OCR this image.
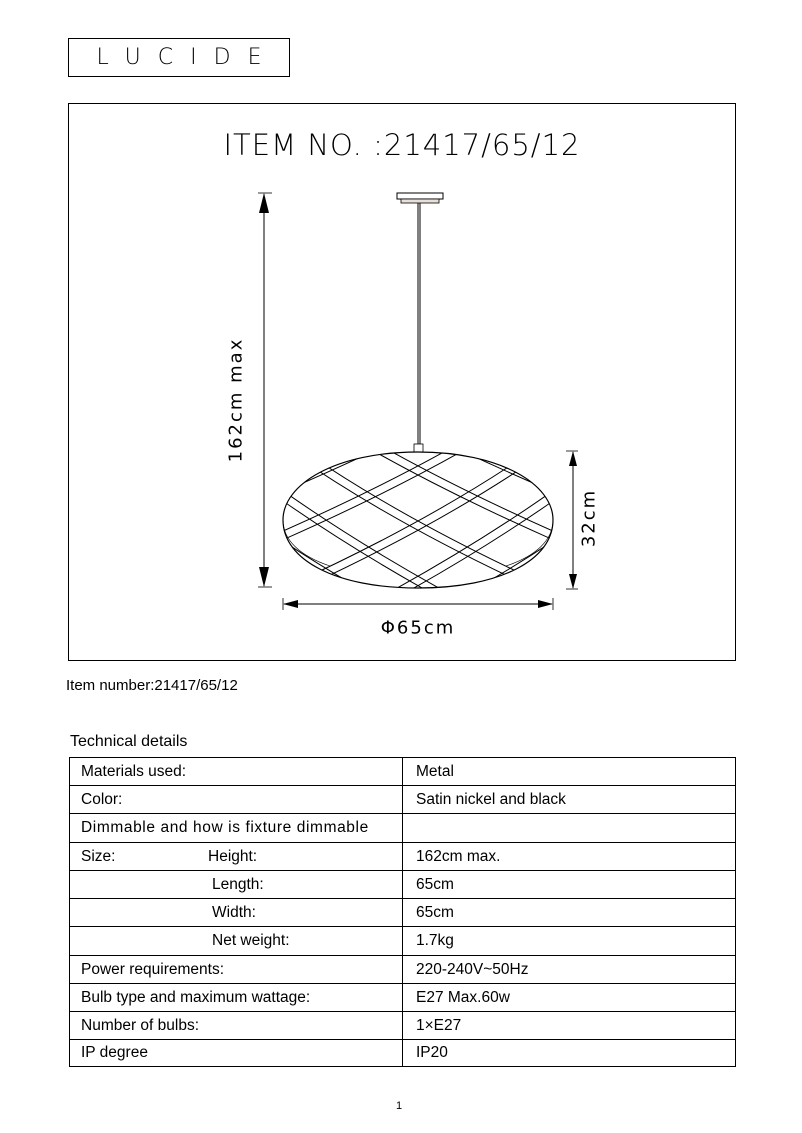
LUCIDE
ITEM NO. :21417/65/12
162cm max
32cm
Φ65cm
Item number:21417/65/12
Technical details
Materials used:	Metal
Color:	Satin nickel and black
Dimmable and how is fixture dimmable	
Size: Height:	162cm max.
Length:	65cm
Width:	65cm
Net weight:	1.7kg
Power requirements:	220-240V~50Hz
Bulb type and maximum wattage:	E27 Max.60w
Number of bulbs:	1×E27
IP degree	IP20
1
